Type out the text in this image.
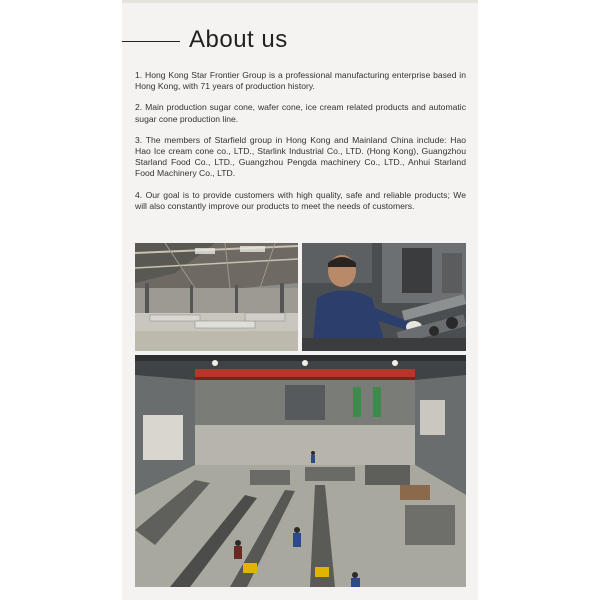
About us

1. Hong Kong Star Frontier Group is a professional manufacturing enterprise based in Hong Kong, with 71 years of production history.

2. Main production sugar cone, wafer cone, ice cream related products and automatic sugar cone production line.

3. The members of Starfield group in Hong Kong and Mainland China include: Hao Hao Ice cream cone co., LTD., Starlink Industrial Co., LTD. (Hong Kong), Guangzhou Starland Food Co., LTD., Guangzhou Pengda machinery Co., LTD., Anhui Starland Food Machinery Co., LTD.

4. Our goal is to provide customers with high quality, safe and reliable products; We will also constantly improve our products to meet the needs of customers.
